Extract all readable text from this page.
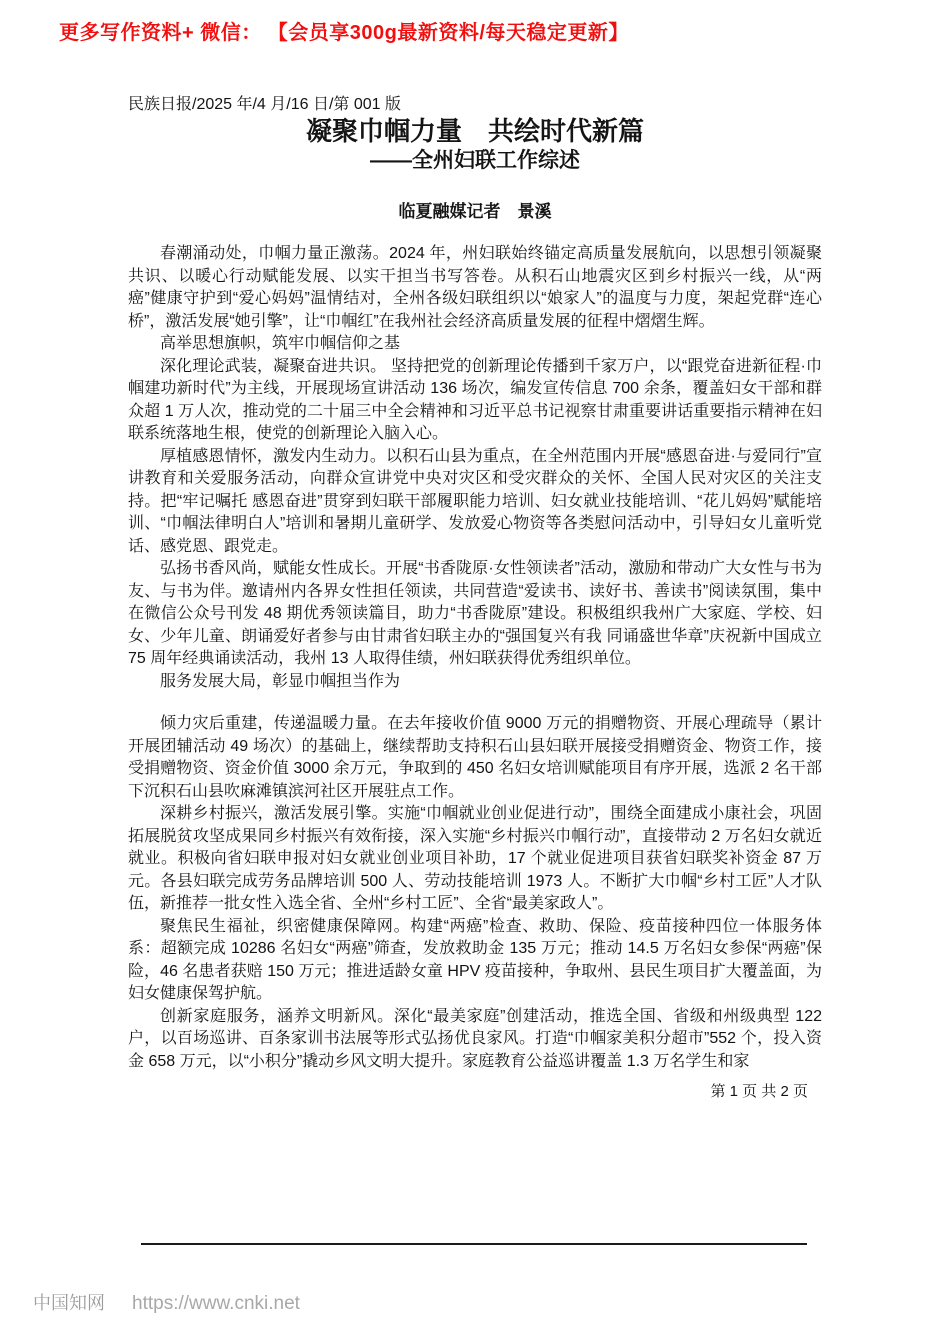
更多写作资料+ 微信： 【会员享300g最新资料/每天稳定更新】
民族日报/2025 年/4 月/16 日/第 001 版
凝聚巾帼力量　共绘时代新篇
——全州妇联工作综述
临夏融媒记者　景溪

春潮涌动处，巾帼力量正激荡。2024 年，州妇联始终锚定高质量发展航向，以思想引领凝聚共识、以暖心行动赋能发展、以实干担当书写答卷。从积石山地震灾区到乡村振兴一线，从“两癌”健康守护到“爱心妈妈”温情结对，全州各级妇联组织以“娘家人”的温度与力度，架起党群“连心桥”，激活发展“她引擎”，让“巾帼红”在我州社会经济高质量发展的征程中熠熠生辉。

高举思想旗帜，筑牢巾帼信仰之基

深化理论武装，凝聚奋进共识。 坚持把党的创新理论传播到千家万户，以“跟党奋进新征程·巾帼建功新时代”为主线，开展现场宣讲活动 136 场次，编发宣传信息 700 余条，覆盖妇女干部和群众超 1 万人次，推动党的二十届三中全会精神和习近平总书记视察甘肃重要讲话重要指示精神在妇联系统落地生根，使党的创新理论入脑入心。

厚植感恩情怀，激发内生动力。以积石山县为重点，在全州范围内开展“感恩奋进·与爱同行”宣讲教育和关爱服务活动，向群众宣讲党中央对灾区和受灾群众的关怀、全国人民对灾区的关注支持。把“牢记嘱托 感恩奋进”贯穿到妇联干部履职能力培训、妇女就业技能培训、“花儿妈妈”赋能培训、“巾帼法律明白人”培训和暑期儿童研学、发放爱心物资等各类慰问活动中，引导妇女儿童听党话、感党恩、跟党走。

弘扬书香风尚，赋能女性成长。开展“书香陇原·女性领读者”活动，激励和带动广大女性与书为友、与书为伴。邀请州内各界女性担任领读，共同营造“爱读书、读好书、善读书”阅读氛围，集中在微信公众号刊发 48 期优秀领读篇目，助力“书香陇原”建设。积极组织我州广大家庭、学校、妇女、少年儿童、朗诵爱好者参与由甘肃省妇联主办的“强国复兴有我 同诵盛世华章”庆祝新中国成立 75 周年经典诵读活动，我州 13 人取得佳绩，州妇联获得优秀组织单位。

服务发展大局，彰显巾帼担当作为

倾力灾后重建，传递温暖力量。在去年接收价值 9000 万元的捐赠物资、开展心理疏导（累计开展团辅活动 49 场次）的基础上，继续帮助支持积石山县妇联开展接受捐赠资金、物资工作，接受捐赠物资、资金价值 3000 余万元，争取到的 450 名妇女培训赋能项目有序开展，选派 2 名干部下沉积石山县吹麻滩镇滨河社区开展驻点工作。

深耕乡村振兴，激活发展引擎。实施“巾帼就业创业促进行动”，围绕全面建成小康社会，巩固拓展脱贫攻坚成果同乡村振兴有效衔接，深入实施“乡村振兴巾帼行动”，直接带动 2 万名妇女就近就业。积极向省妇联申报对妇女就业创业项目补助，17 个就业促进项目获省妇联奖补资金 87 万元。各县妇联完成劳务品牌培训 500 人、劳动技能培训 1973 人。不断扩大巾帼“乡村工匠”人才队伍，新推荐一批女性入选全省、全州“乡村工匠”、全省“最美家政人”。

聚焦民生福祉，织密健康保障网。构建“两癌”检查、救助、保险、疫苗接种四位一体服务体系：超额完成 10286 名妇女“两癌”筛查，发放救助金 135 万元；推动 14.5 万名妇女参保“两癌”保险，46 名患者获赔 150 万元；推进适龄女童 HPV 疫苗接种，争取州、县民生项目扩大覆盖面，为妇女健康保驾护航。

创新家庭服务，涵养文明新风。深化“最美家庭”创建活动，推选全国、省级和州级典型 122 户，以百场巡讲、百条家训书法展等形式弘扬优良家风。打造“巾帼家美积分超市”552 个，投入资金 658 万元，以“小积分”撬动乡风文明大提升。家庭教育公益巡讲覆盖 1.3 万名学生和家

第 1 页 共 2 页
中国知网 https://www.cnki.net
